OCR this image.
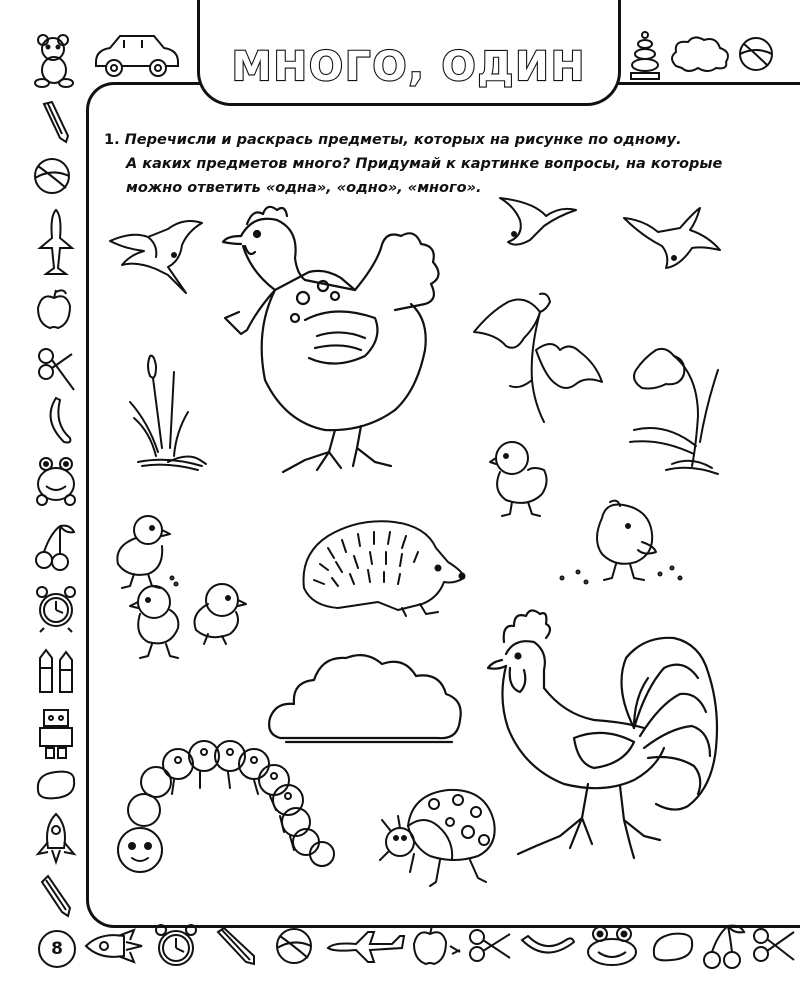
МНОГО, ОДИН
1. Перечисли и раскрась предметы, которых на рисунке по одному.
А каких предметов много? Придумай к картинке вопросы, на которые
можно ответить «одна», «одно», «много».
8
